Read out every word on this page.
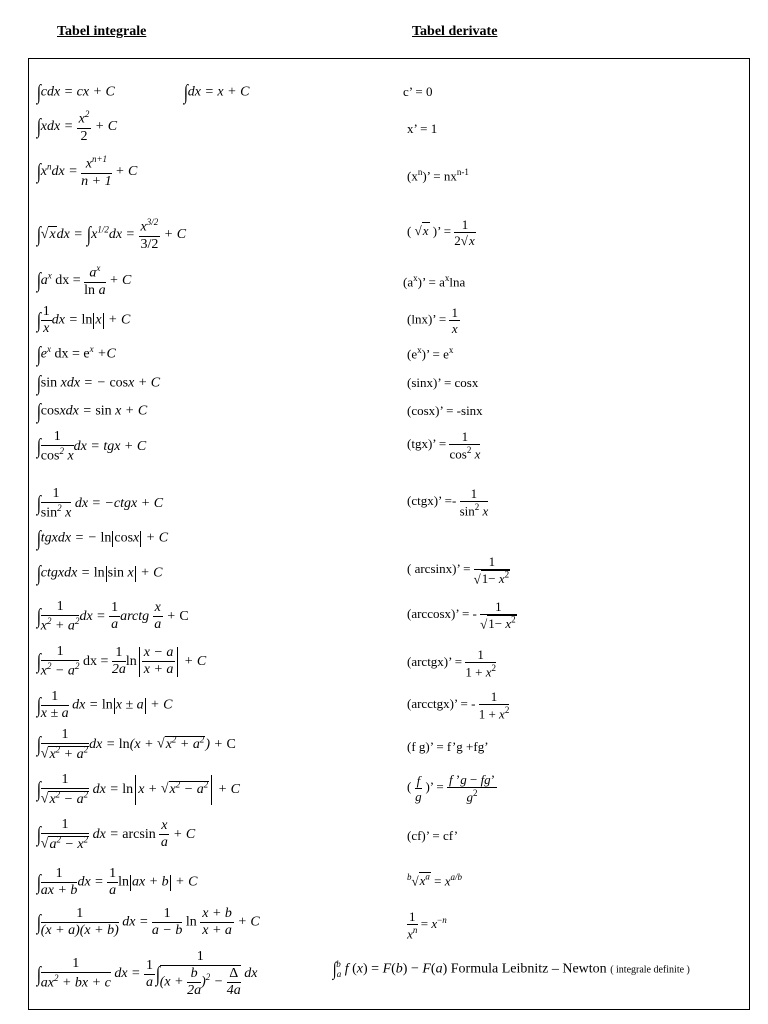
Tabel integrale	Tabel derivate
∫cdx = cx + C	∫dx = x + C
$\int xdx = \frac{x^2}{2} + C$
$\int x^ndx = \frac{x^{n+1}}{n + 1} + C$
$\int√xdx = \int x^{1/2}dx = \frac{x^{3/2}}{3/2} + C$
$\int a^x$ dx = $\frac{a^x}{\text{ln a}} + C$
∫ $\frac{1}{x}$ dx = ln x + C
$\int e^x$ dx = $e^x +C$
∫sin xdx = − cosx + C
∫cosxdx = sin x + C
∫ $\frac{1}{\cos^2 x}$ dx = tgx + C
∫ $\frac{1}{\sin^2 x}$ dx = −ctgx + C
∫tgxdx = − ln cosx + C
∫ctgxdx = ln sin x + C
∫ $\frac{1}{x^2 + a^2}$ dx = $\frac{1}{a}$ arctg $\frac{x}{a} + C$
∫ $\frac{1}{x^2 - a^2}$ dx = $\frac{1}{2a}$ $\ln \frac{x - a}{x + a} + C$
∫ $\frac{1}{x \pm a}$ dx = ln x ± a + C
∫ $\frac{1}{√x^2 + a^2}$ dx = $\ln(x + √x^2 + a^2) + C$
∫ $\frac{1}{√x^2 - a^2}$ dx = $\ln x + √x^2 - a^2 + C$
∫ $\frac{1}{√a^2 - x^2}$ dx = $\arcsin \frac{x}{a} + C$
∫ $\frac{1}{ax + b}$ dx = $\frac{1}{a}$ ln ax + b + C
∫ $\frac{1}{(x + a)(x + b)}$ dx = $\frac{1}{a - b}$ $\ln \frac{x + b}{x + a} + C$
∫ $\frac{1}{ax^2 + bx + c}$ dx = $\frac{1}{a}$ ∫ $\frac{1}{(x + \frac{b}{2a} )^2 - \frac{\Delta}{4a}}$ dx
c’ = 0
x’ = 1
$(x^n)$’ = $nx^{n-1}$
( √x )’ = $\frac{1}{2√x}$
$(a^x)$’ = $a^x\ln a$
(lnx)’ = $\frac{1}{x}$
$(e^x)$’ = $e^x$
(sinx)’ = cosx
(cosx)’ = -sinx
(tgx)’ = $\frac{1}{\cos^2 x}$
(ctgx)’ =- $\frac{1}{\sin^2 x}$
( arcsinx)’ = $\frac{1}{√1- x^2}$
(arccosx)’ = - $\frac{1}{√1- x^2}$
(arctgx)’ = $\frac{1}{1 + x^2}$
(arcctgx)’ = - $\frac{1}{1 + x^2}$
(f g)’ = f’g +fg’
( $\frac{f}{g}$ )’ = $\frac{f ’g - fg’}{g^2}$
(cf)’ = cf’
$^b√x^a = x^{a/b}$
$\frac{1}{x^n} = x^{-n}$
∫$^b_a$ f (x) = F(b) − F(a) Formula Leibnitz – Newton ( integrale definite )
